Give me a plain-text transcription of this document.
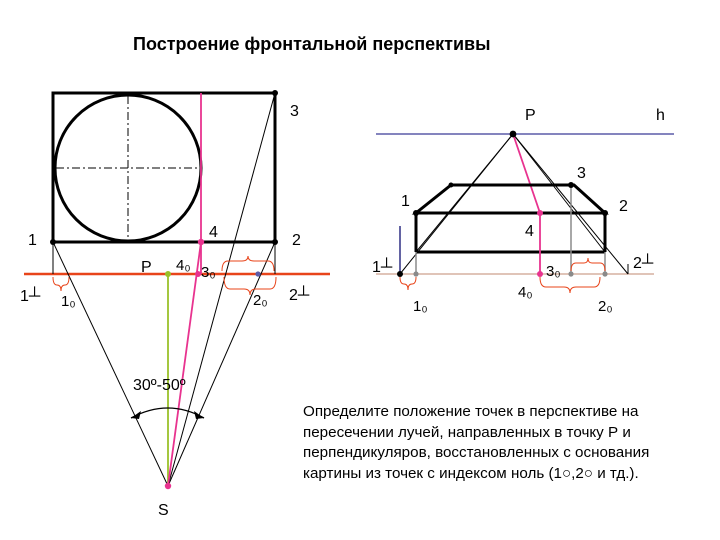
Построение фронтальной перспективы
1	2
3
4
P 4₀ 3₀
1┴ 1₀	2₀ 2┴
30º-50º
S
P	h
3
1	2
4
1┴	3₀	2┴
1₀
4₀
2₀
Определите положение точек в перспективе на пересечении лучей, направленных в точку Р и перпендикуляров, восстановленных с основания картины из точек с индексом ноль (1○,2○ и тд.).
